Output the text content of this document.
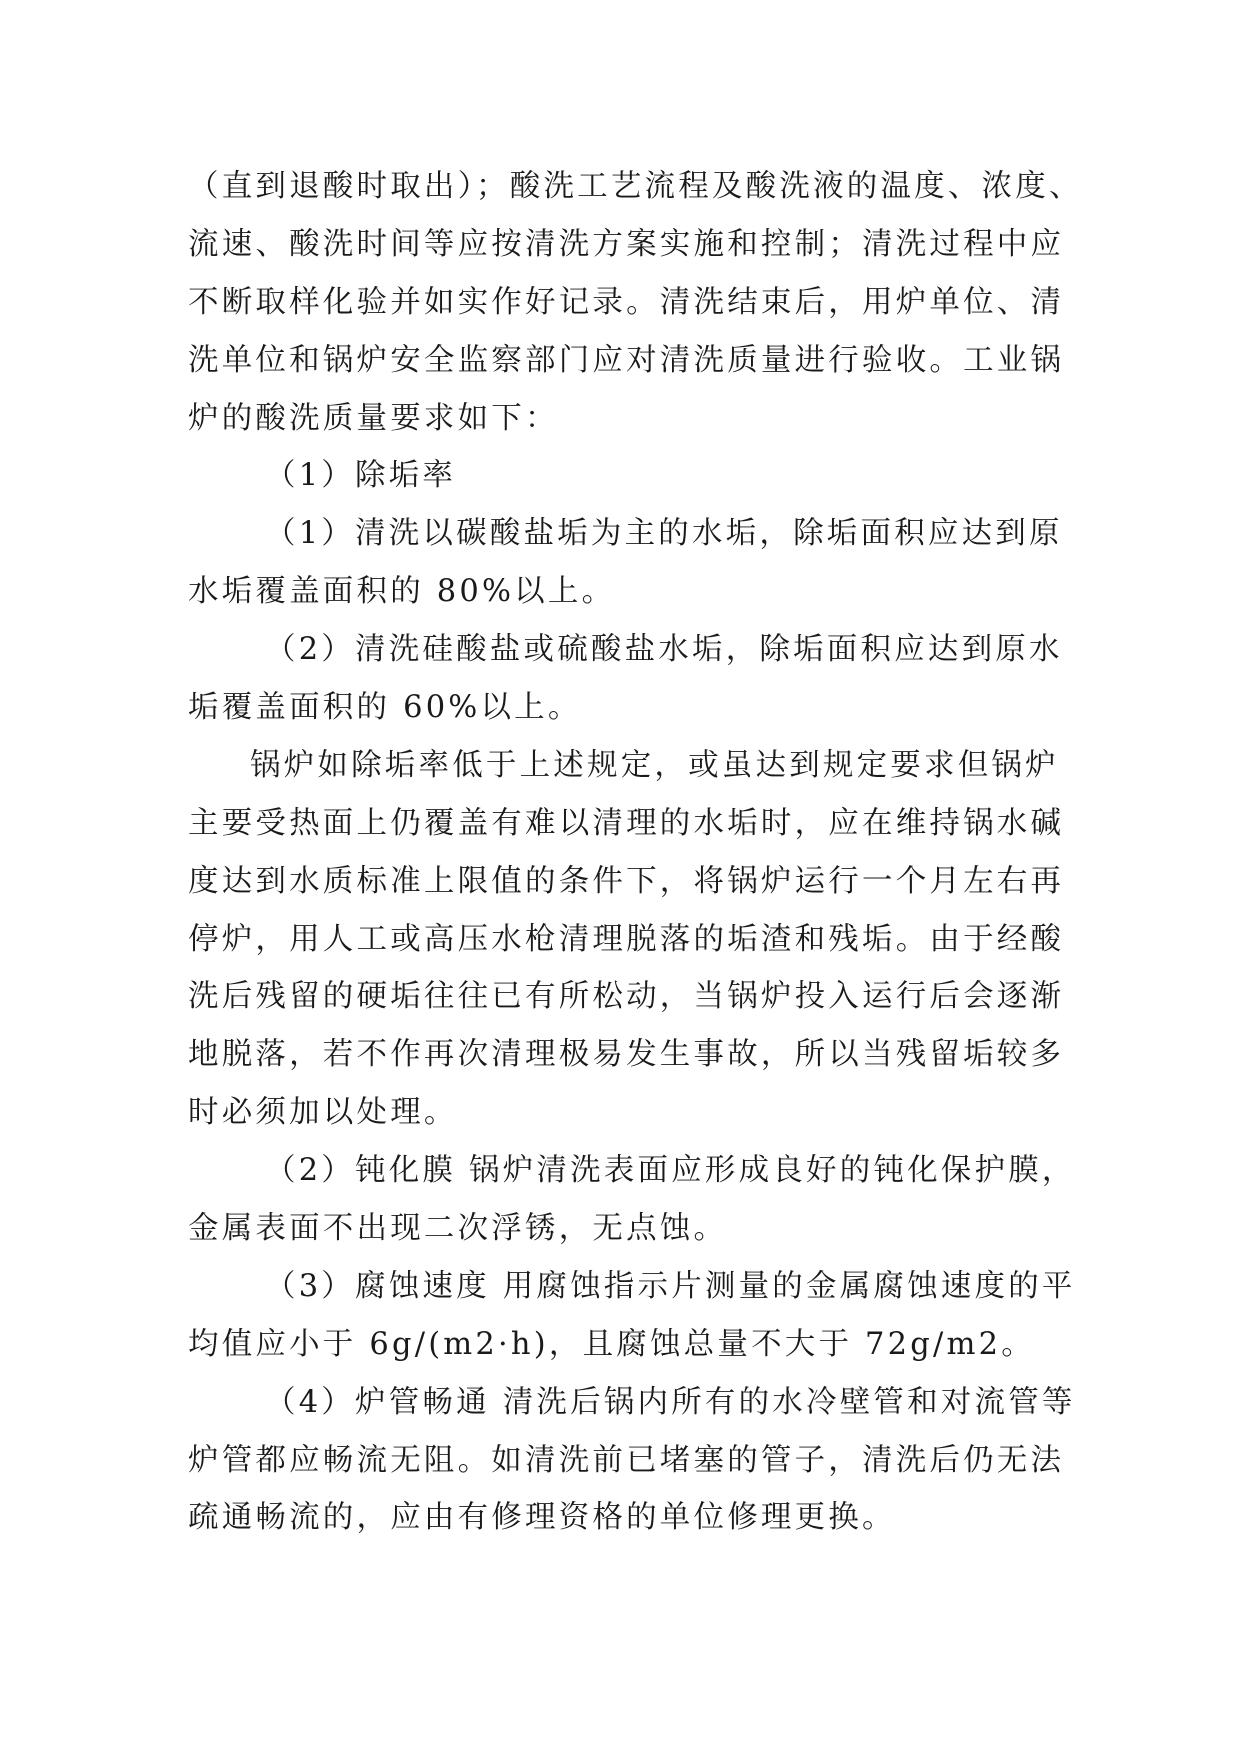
（直到退酸时取出）；酸洗工艺流程及酸洗液的温度、浓度、
流速、酸洗时间等应按清洗方案实施和控制；清洗过程中应
不断取样化验并如实作好记录。清洗结束后，用炉单位、清
洗单位和锅炉安全监察部门应对清洗质量进行验收。工业锅
炉的酸洗质量要求如下：
（1）除垢率
（1）清洗以碳酸盐垢为主的水垢，除垢面积应达到原
水垢覆盖面积的 80%以上。
（2）清洗硅酸盐或硫酸盐水垢，除垢面积应达到原水
垢覆盖面积的 60%以上。
锅炉如除垢率低于上述规定，或虽达到规定要求但锅炉
主要受热面上仍覆盖有难以清理的水垢时，应在维持锅水碱
度达到水质标准上限值的条件下，将锅炉运行一个月左右再
停炉，用人工或高压水枪清理脱落的垢渣和残垢。由于经酸
洗后残留的硬垢往往已有所松动，当锅炉投入运行后会逐渐
地脱落，若不作再次清理极易发生事故，所以当残留垢较多
时必须加以处理。
（2）钝化膜 锅炉清洗表面应形成良好的钝化保护膜，
金属表面不出现二次浮锈，无点蚀。
（3）腐蚀速度 用腐蚀指示片测量的金属腐蚀速度的平
均值应小于 6g/(m2·h)，且腐蚀总量不大于 72g/m2。
（4）炉管畅通 清洗后锅内所有的水冷壁管和对流管等
炉管都应畅流无阻。如清洗前已堵塞的管子，清洗后仍无法
疏通畅流的，应由有修理资格的单位修理更换。
